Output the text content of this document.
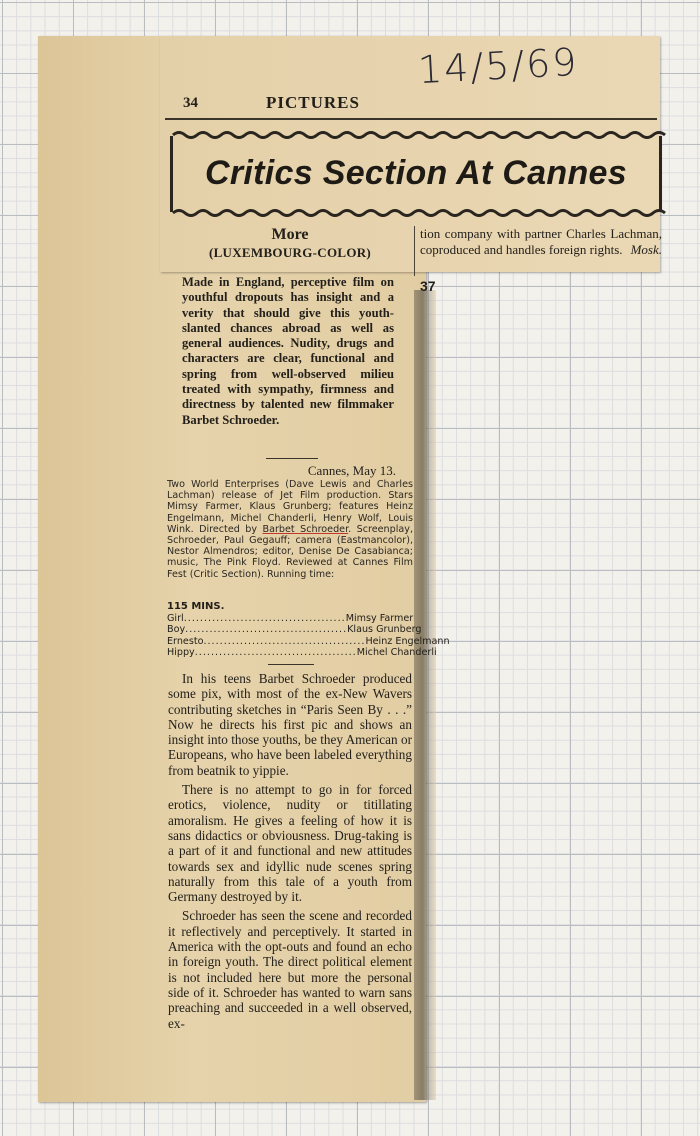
14/5/69
34	PICTURES
Critics Section At Cannes
More
(LUXEMBOURG-COLOR)
Made in England, perceptive film on youthful dropouts has insight and a verity that should give this youth-slanted chances abroad as well as general audiences. Nudity, drugs and characters are clear, functional and spring from well-observed milieu treated with sympathy, firmness and directness by talented new filmmaker Barbet Schroeder.
Cannes, May 13.
Two World Enterprises (Dave Lewis and Charles Lachman) release of Jet Film production. Stars Mimsy Farmer, Klaus Grunberg; features Heinz Engelmann, Michel Chanderli, Henry Wolf, Louis Wink. Directed by Barbet Schroeder. Screenplay, Schroeder, Paul Gegauff; camera (Eastmancolor), Nestor Almendros; editor, Denise De Casabianca; music, The Pink Floyd. Reviewed at Cannes Film Fest (Critic Section). Running time:
115 MINS.
Girl ........................................ Mimsy Farmer
Boy ........................................ Klaus Grunberg
Ernesto ........................................ Heinz Engelmann
Hippy ........................................ Michel Chanderli

In his teens Barbet Schroeder produced some pix, with most of the ex-New Wavers contributing sketches in “Paris Seen By . . .” Now he directs his first pic and shows an insight into those youths, be they American or Europeans, who have been labeled everything from beatnik to yippie.

There is no attempt to go in for forced erotics, violence, nudity or titillating amoralism. He gives a feeling of how it is sans didactics or obviousness. Drug-taking is a part of it and functional and new attitudes towards sex and idyllic nude scenes spring naturally from this tale of a youth from Germany destroyed by it.

Schroeder has seen the scene and recorded it reflectively and perceptively. It started in America with the opt-outs and found an echo in foreign youth. The direct political element is not included here but more the personal side of it. Schroeder has wanted to warn sans preaching and succeeded in a well observed, ex-

tion company with partner Charles Lachman, coproduced and handles foreign rights. Mosk.
37
